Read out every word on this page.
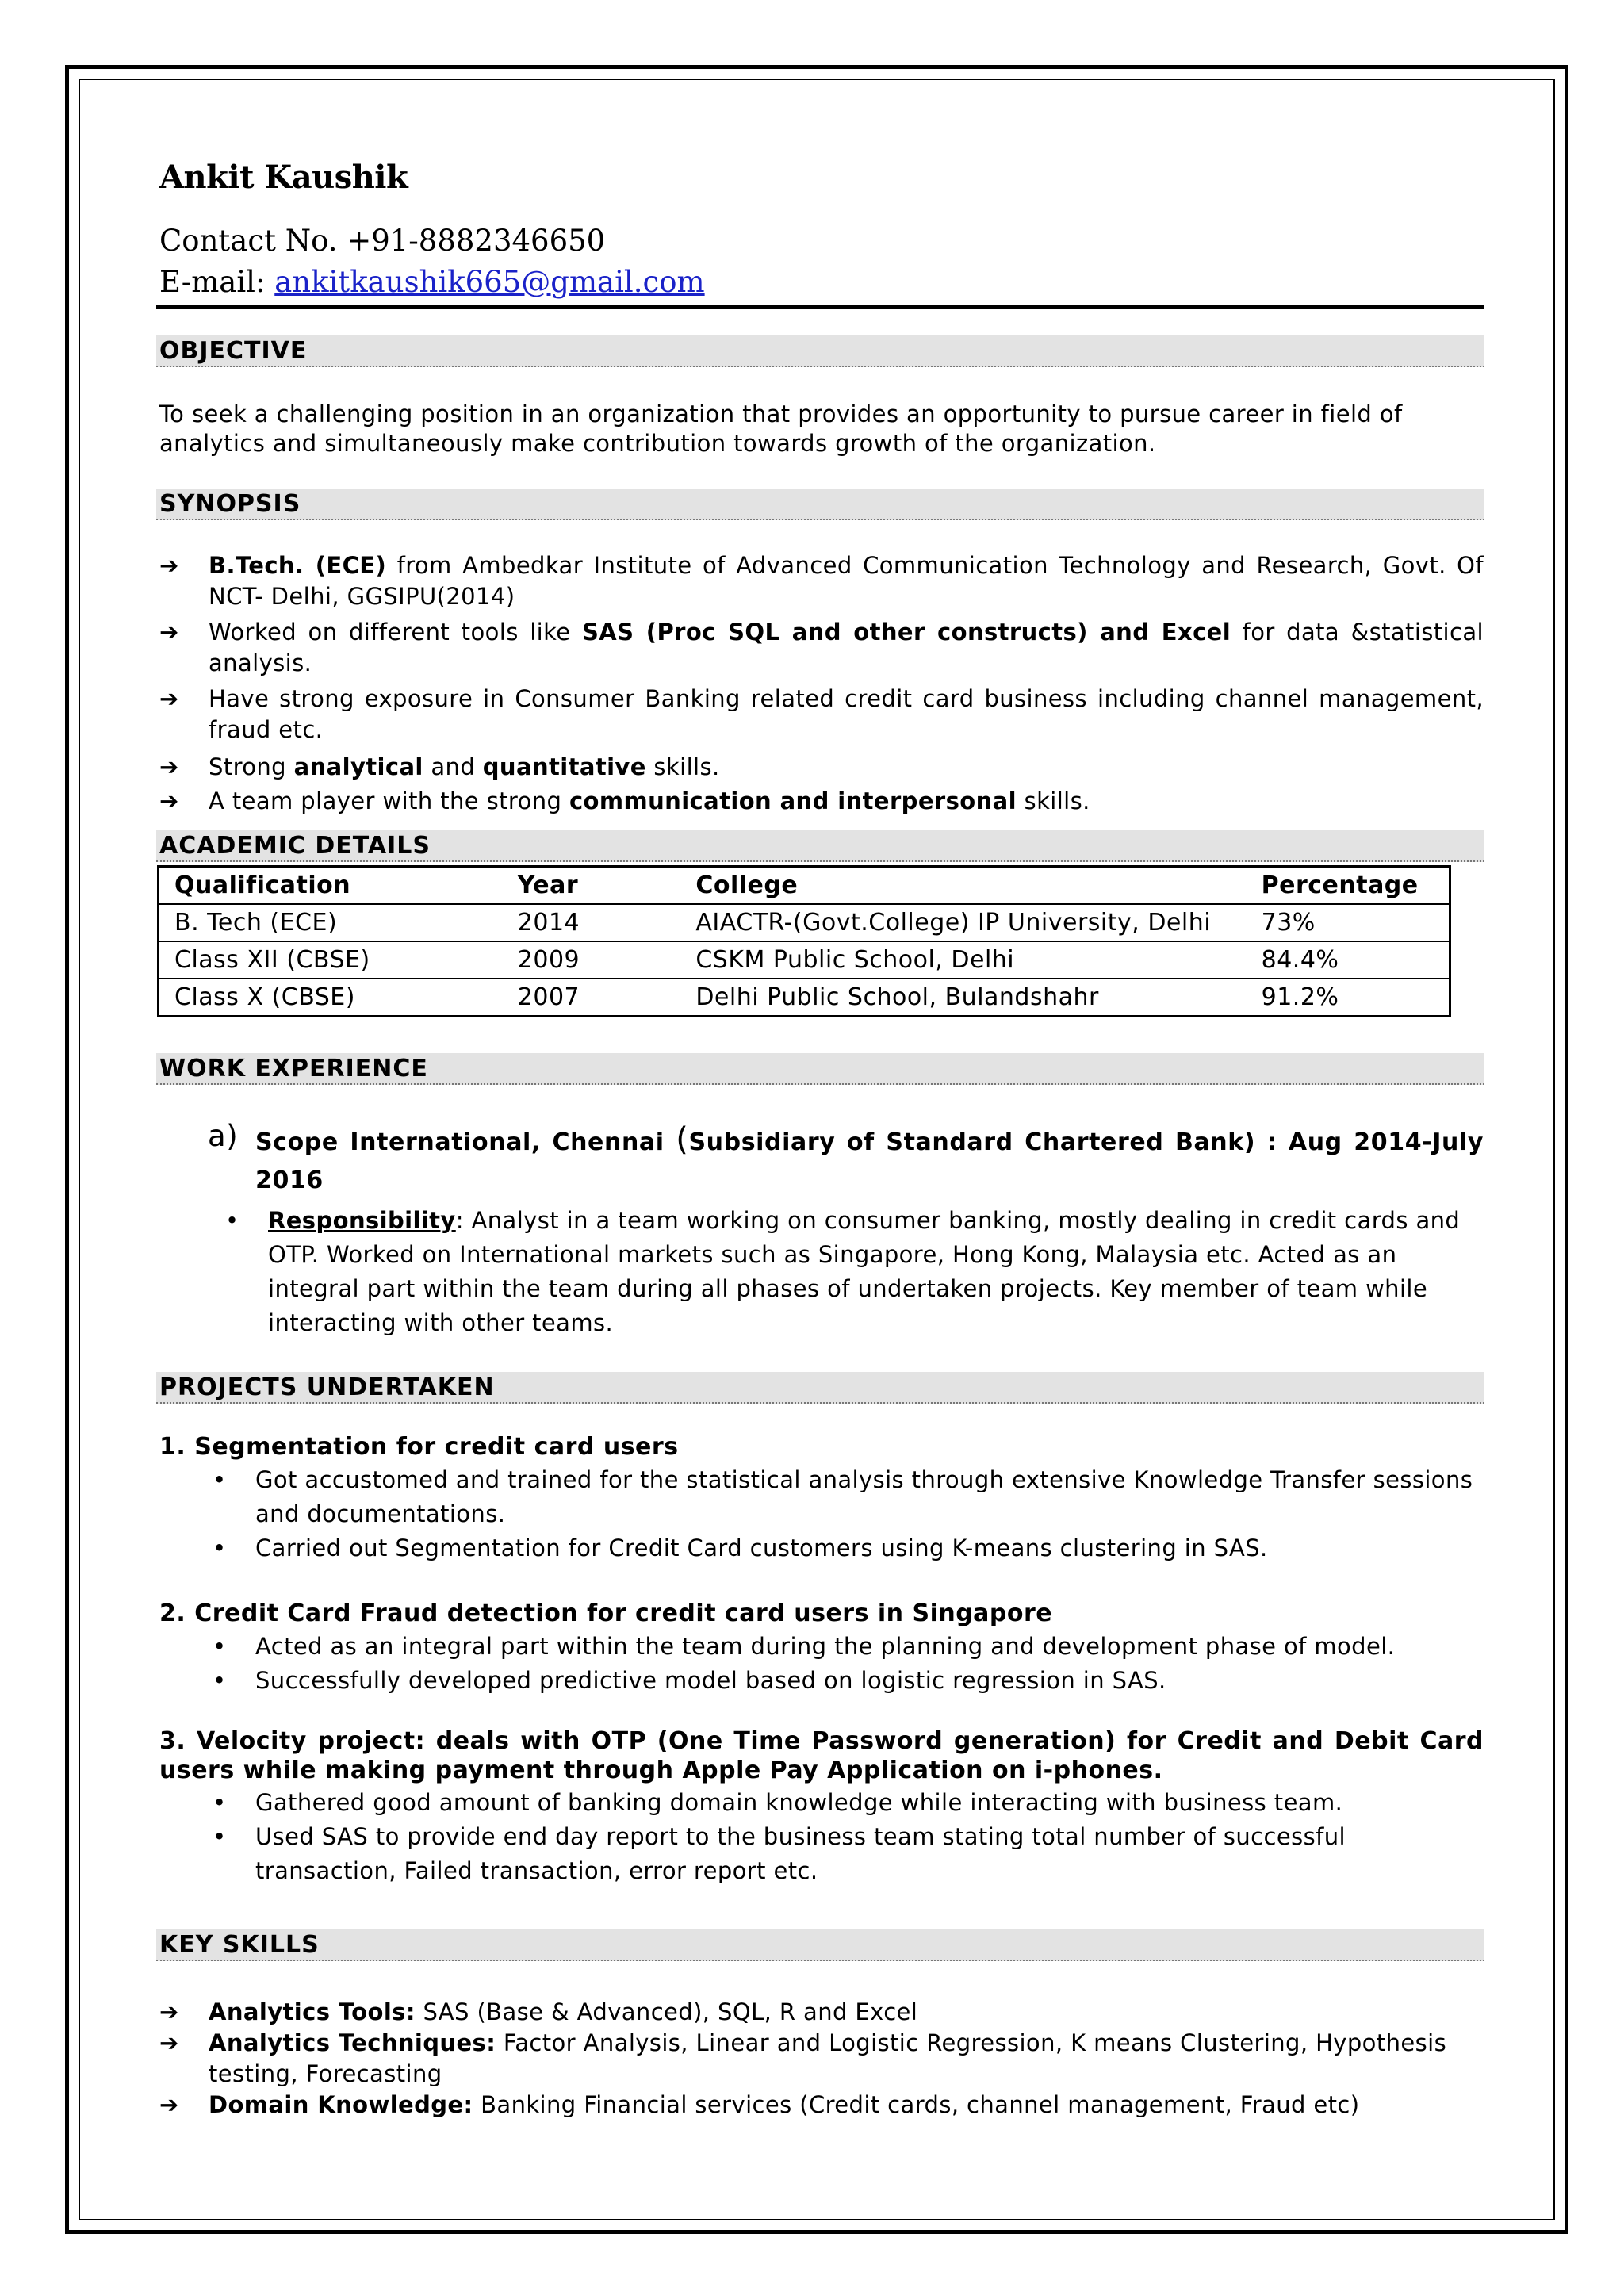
Ankit Kaushik
Contact No. +91-8882346650
E-mail: ankitkaushik665@gmail.com
OBJECTIVE
To seek a challenging position in an organization that provides an opportunity to pursue career in field of analytics and simultaneously make contribution towards growth of the organization.
SYNOPSIS
➔ B.Tech. (ECE) from Ambedkar Institute of Advanced Communication Technology and Research, Govt. Of NCT- Delhi, GGSIPU(2014)
➔ Worked on different tools like SAS (Proc SQL and other constructs) and Excel for data &statistical analysis.
➔ Have strong exposure in Consumer Banking related credit card business including channel management, fraud etc.
➔ Strong analytical and quantitative skills.
➔ A team player with the strong communication and interpersonal skills.
ACADEMIC DETAILS
Qualification	Year	College	Percentage
B. Tech (ECE)	2014	AIACTR-(Govt.College) IP University, Delhi	73%
Class XII (CBSE)	2009	CSKM Public School, Delhi	84.4%
Class X (CBSE)	2007	Delhi Public School, Bulandshahr	91.2%
WORK EXPERIENCE
a) Scope International, Chennai (Subsidiary of Standard Chartered Bank) : Aug 2014-July 2016
• Responsibility: Analyst in a team working on consumer banking, mostly dealing in credit cards and OTP. Worked on International markets such as Singapore, Hong Kong, Malaysia etc. Acted as an integral part within the team during all phases of undertaken projects. Key member of team while interacting with other teams.
PROJECTS UNDERTAKEN
1. Segmentation for credit card users
• Got accustomed and trained for the statistical analysis through extensive Knowledge Transfer sessions and documentations.
• Carried out Segmentation for Credit Card customers using K-means clustering in SAS.
2. Credit Card Fraud detection for credit card users in Singapore
• Acted as an integral part within the team during the planning and development phase of model.
• Successfully developed predictive model based on logistic regression in SAS.
3. Velocity project: deals with OTP (One Time Password generation) for Credit and Debit Card users while making payment through Apple Pay Application on i-phones.
• Gathered good amount of banking domain knowledge while interacting with business team.
• Used SAS to provide end day report to the business team stating total number of successful transaction, Failed transaction, error report etc.
KEY SKILLS
➔ Analytics Tools: SAS (Base & Advanced), SQL, R and Excel
➔ Analytics Techniques: Factor Analysis, Linear and Logistic Regression, K means Clustering, Hypothesis testing, Forecasting
➔ Domain Knowledge: Banking Financial services (Credit cards, channel management, Fraud etc)
